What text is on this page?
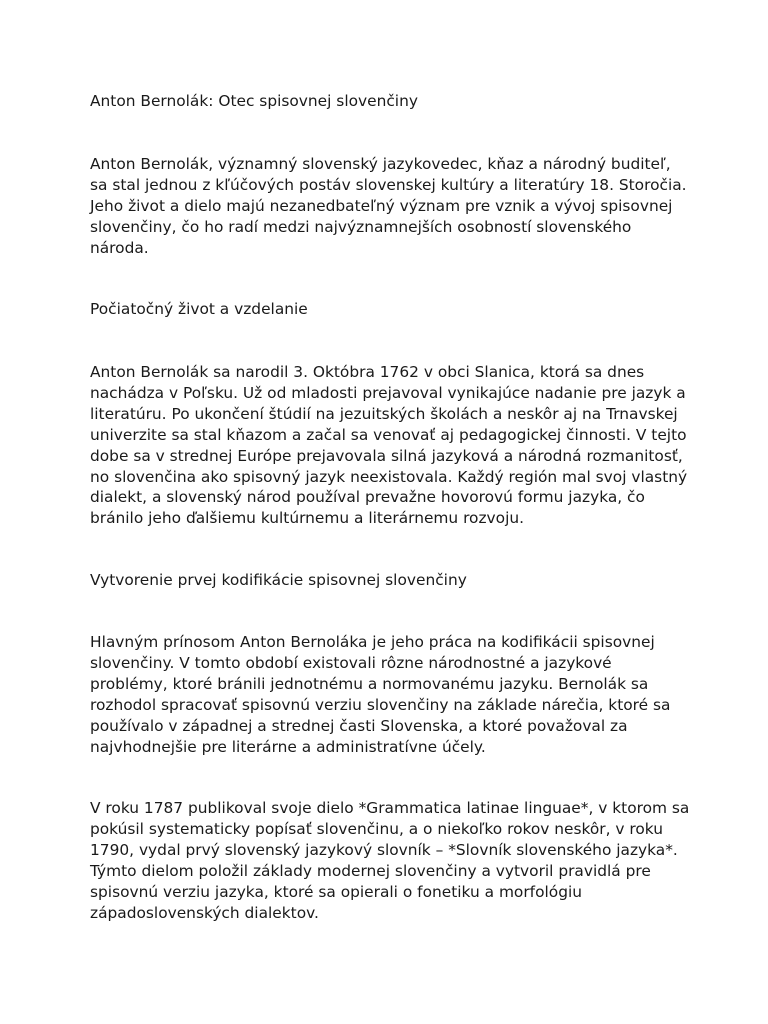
Anton Bernolák: Otec spisovnej slovenčiny

Anton Bernolák, významný slovenský jazykovedec, kňaz a národný buditeľ,
sa stal jednou z kľúčových postáv slovenskej kultúry a literatúry 18. Storočia.
Jeho život a dielo majú nezanedbateľný význam pre vznik a vývoj spisovnej
slovenčiny, čo ho radí medzi najvýznamnejších osobností slovenského
národa.

Počiatočný život a vzdelanie

Anton Bernolák sa narodil 3. Októbra 1762 v obci Slanica, ktorá sa dnes
nachádza v Poľsku. Už od mladosti prejavoval vynikajúce nadanie pre jazyk a
literatúru. Po ukončení štúdií na jezuitských školách a neskôr aj na Trnavskej
univerzite sa stal kňazom a začal sa venovať aj pedagogickej činnosti. V tejto
dobe sa v strednej Európe prejavovala silná jazyková a národná rozmanitosť,
no slovenčina ako spisovný jazyk neexistovala. Každý región mal svoj vlastný
dialekt, a slovenský národ používal prevažne hovorovú formu jazyka, čo
bránilo jeho ďalšiemu kultúrnemu a literárnemu rozvoju.

Vytvorenie prvej kodifikácie spisovnej slovenčiny

Hlavným prínosom Anton Bernoláka je jeho práca na kodifikácii spisovnej
slovenčiny. V tomto období existovali rôzne národnostné a jazykové
problémy, ktoré bránili jednotnému a normovanému jazyku. Bernolák sa
rozhodol spracovať spisovnú verziu slovenčiny na základe nárečia, ktoré sa
používalo v západnej a strednej časti Slovenska, a ktoré považoval za
najvhodnejšie pre literárne a administratívne účely.

V roku 1787 publikoval svoje dielo *Grammatica latinae linguae*, v ktorom sa
pokúsil systematicky popísať slovenčinu, a o niekoľko rokov neskôr, v roku
1790, vydal prvý slovenský jazykový slovník – *Slovník slovenského jazyka*.
Týmto dielom položil základy modernej slovenčiny a vytvoril pravidlá pre
spisovnú verziu jazyka, ktoré sa opierali o fonetiku a morfológiu
západoslovenských dialektov.
